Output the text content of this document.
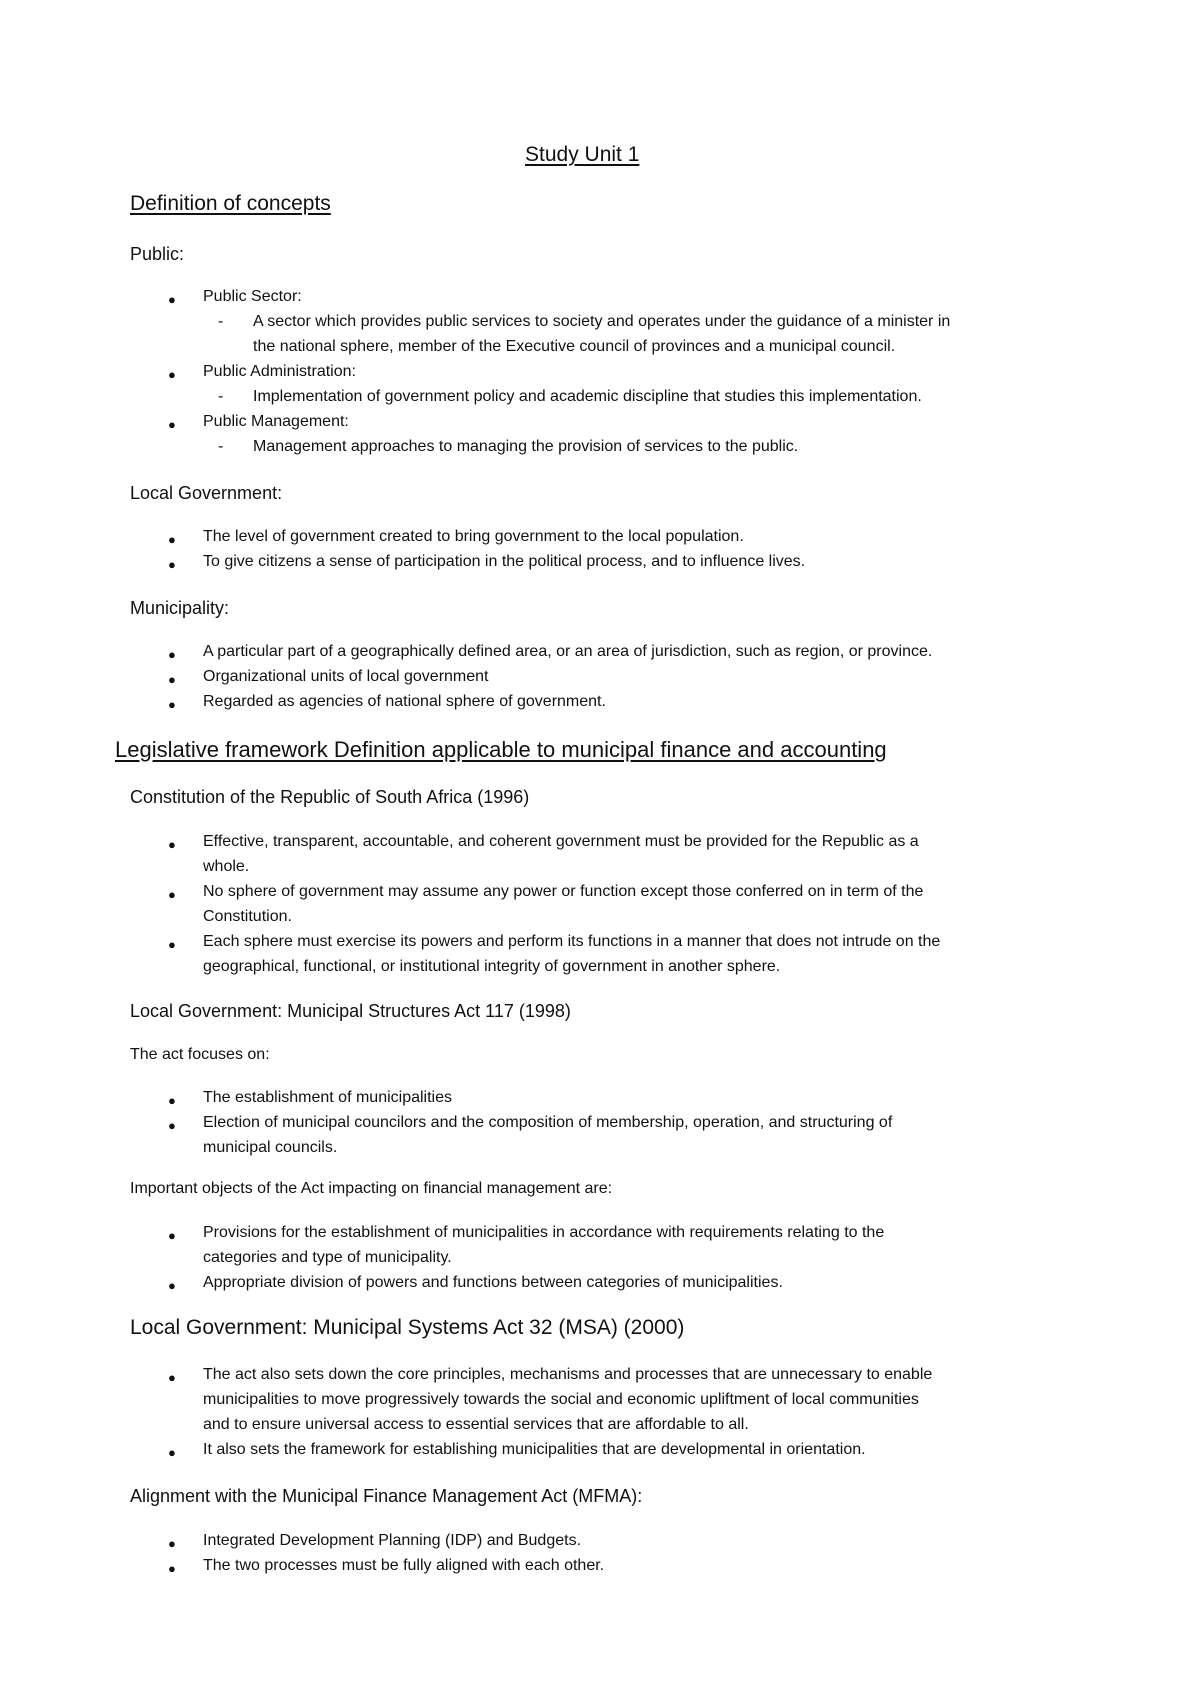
Study Unit 1
Definition of concepts
Public:
● Public Sector:
- A sector which provides public services to society and operates under the guidance of a minister in
the national sphere, member of the Executive council of provinces and a municipal council.
● Public Administration:
- Implementation of government policy and academic discipline that studies this implementation.
● Public Management:
- Management approaches to managing the provision of services to the public.
Local Government:
● The level of government created to bring government to the local population.
● To give citizens a sense of participation in the political process, and to influence lives.
Municipality:
● A particular part of a geographically defined area, or an area of jurisdiction, such as region, or province.
● Organizational units of local government
● Regarded as agencies of national sphere of government.
Legislative framework Definition applicable to municipal finance and accounting
Constitution of the Republic of South Africa (1996)
● Effective, transparent, accountable, and coherent government must be provided for the Republic as a
whole.
● No sphere of government may assume any power or function except those conferred on in term of the
Constitution.
● Each sphere must exercise its powers and perform its functions in a manner that does not intrude on the
geographical, functional, or institutional integrity of government in another sphere.
Local Government: Municipal Structures Act 117 (1998)
The act focuses on:
● The establishment of municipalities
● Election of municipal councilors and the composition of membership, operation, and structuring of
municipal councils.
Important objects of the Act impacting on financial management are:
● Provisions for the establishment of municipalities in accordance with requirements relating to the
categories and type of municipality.
● Appropriate division of powers and functions between categories of municipalities.
Local Government: Municipal Systems Act 32 (MSA) (2000)
● The act also sets down the core principles, mechanisms and processes that are unnecessary to enable
municipalities to move progressively towards the social and economic upliftment of local communities
and to ensure universal access to essential services that are affordable to all.
● It also sets the framework for establishing municipalities that are developmental in orientation.
Alignment with the Municipal Finance Management Act (MFMA):
● Integrated Development Planning (IDP) and Budgets.
● The two processes must be fully aligned with each other.
